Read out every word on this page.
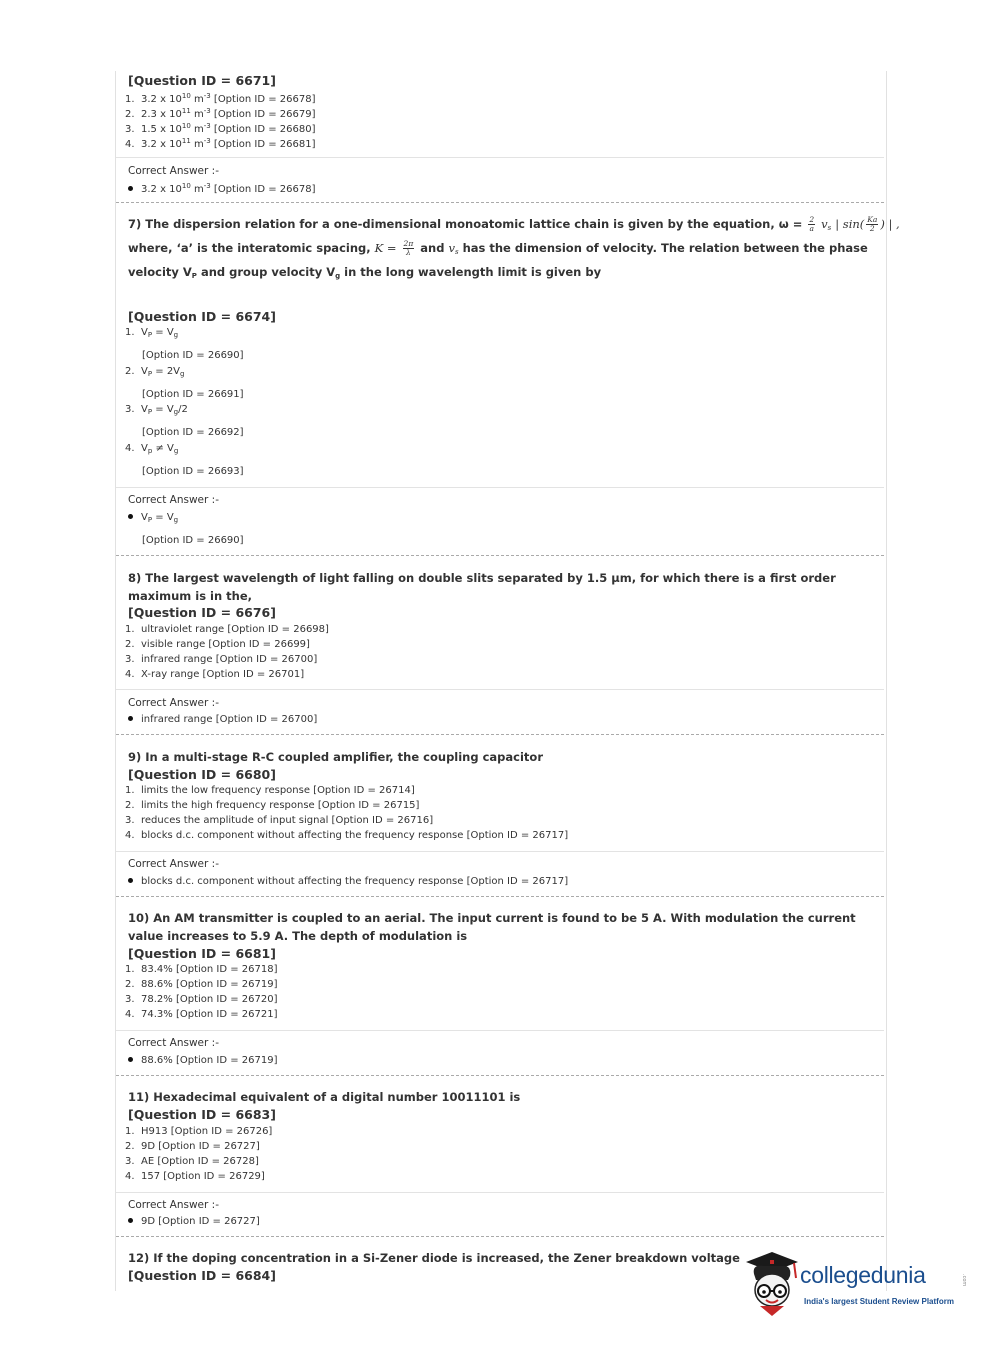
[Question ID = 6671]
1. 3.2 x $10^{10}$ $m^{-3}$ [Option ID = 26678]
2. 2.3 x $10^{11}$ $m^{-3}$ [Option ID = 26679]
3. 1.5 x $10^{10}$ $m^{-3}$ [Option ID = 26680]
4. 3.2 x $10^{11}$ $m^{-3}$ [Option ID = 26681]
Correct Answer :-
3.2 x $10^{10}$ $m^{-3}$ [Option ID = 26678]
7) The dispersion relation for a one-dimensional monoatomic lattice chain is given by the equation, $\omega = \frac{2}{a} v_s$ | $\sin( \frac{Ka}{2}$ ) | ,
where, ‘a’ is the interatomic spacing, $K = \frac{2\pi}{\lambda}$ and $v_s$ has the dimension of velocity. The relation between the phase
velocity $V_P$ and group velocity $V_g$ in the long wavelength limit is given by
[Question ID = 6674]
1. $V_P = V_g$
[Option ID = 26690]
2. $V_P = 2V_g$
[Option ID = 26691]
3. $V_P = V_g/2$
[Option ID = 26692]
4. $V_p \ne V_g$
[Option ID = 26693]
Correct Answer :-
$V_P = V_g$
[Option ID = 26690]
8) The largest wavelength of light falling on double slits separated by 1.5 μm, for which there is a first order maximum is in the,
[Question ID = 6676]
1. ultraviolet range [Option ID = 26698]
2. visible range [Option ID = 26699]
3. infrared range [Option ID = 26700]
4. X-ray range [Option ID = 26701]
Correct Answer :-
infrared range [Option ID = 26700]
9) In a multi-stage R-C coupled amplifier, the coupling capacitor
[Question ID = 6680]
1. limits the low frequency response [Option ID = 26714]
2. limits the high frequency response [Option ID = 26715]
3. reduces the amplitude of input signal [Option ID = 26716]
4. blocks d.c. component without affecting the frequency response [Option ID = 26717]
Correct Answer :-
blocks d.c. component without affecting the frequency response [Option ID = 26717]
10) An AM transmitter is coupled to an aerial. The input current is found to be 5 A. With modulation the current value increases to 5.9 A. The depth of modulation is
[Question ID = 6681]
1. 83.4% [Option ID = 26718]
2. 88.6% [Option ID = 26719]
3. 78.2% [Option ID = 26720]
4. 74.3% [Option ID = 26721]
Correct Answer :-
88.6% [Option ID = 26719]
11) Hexadecimal equivalent of a digital number 10011101 is
[Question ID = 6683]
1. H913 [Option ID = 26726]
2. 9D [Option ID = 26727]
3. AE [Option ID = 26728]
4. 157 [Option ID = 26729]
Correct Answer :-
9D [Option ID = 26727]
12) If the doping concentration in a Si-Zener diode is increased, the Zener breakdown voltage
[Question ID = 6684]	collegedunia	.com
India's largest Student Review Platform
